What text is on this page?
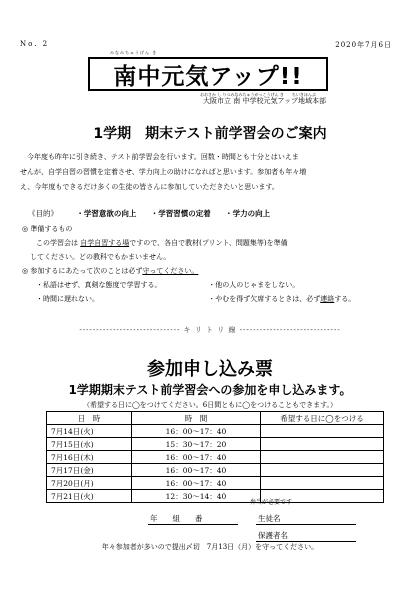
No. 2	2020年7月6日
みなみちゅうげん き
南中元気アップ!!
おおさか し りつみなみちゅうがっこうげん き　　ちいきほんぶ
大阪市立 南 中学校元気アップ地域本部
1学期　期末テスト前学習会のご案内
今年度も昨年に引き続き、テスト前学習会を行います。回数・時間とも十分とはいえま
せんが、自学自習の習慣を定着させ、学力向上の助けになればと思います。参加者も年々増
え、今年度もできるだけ多くの生徒の皆さんに参加していただきたいと思います。
《目的》 ・学習意欲の向上 ・学習習慣の定着 ・学力の向上
◎ 準備するもの
この学習会は 自学自習する場ですので、各自で教材(プリント、問題集等)を準備
してください。どの教科でもかまいません。
◎ 参加するにあたって次のことは必ず守ってください。
・私語はせず、真剣な態度で学習する。	・他の人のじゃまをしない。
・時間に遅れない。	・やむを得ず欠席するときは、必ず連絡する。
------------------------------ キ リ ト リ 線 ------------------------------
参加申し込み票
1学期期末テスト前学習会への参加を申し込みます。
（希望する日に◯をつけてください。6日間ともに◯をつけることもできます。）
日　時	時　間	希望する日に◯をつける
7月14日(火)	16：00～17：40	
7月15日(水)	15：30～17：20	
7月16日(木)	16：00～17：40	
7月17日(金)	16：00～17：40	
7月20日(月)	16：00～17：40	
7月21日(火)	12：30～14：40	
弁当が必要です
年　　組　　番	生徒名
保護者名
年々参加者が多いので提出〆切　7月13日（月）を守ってください。
